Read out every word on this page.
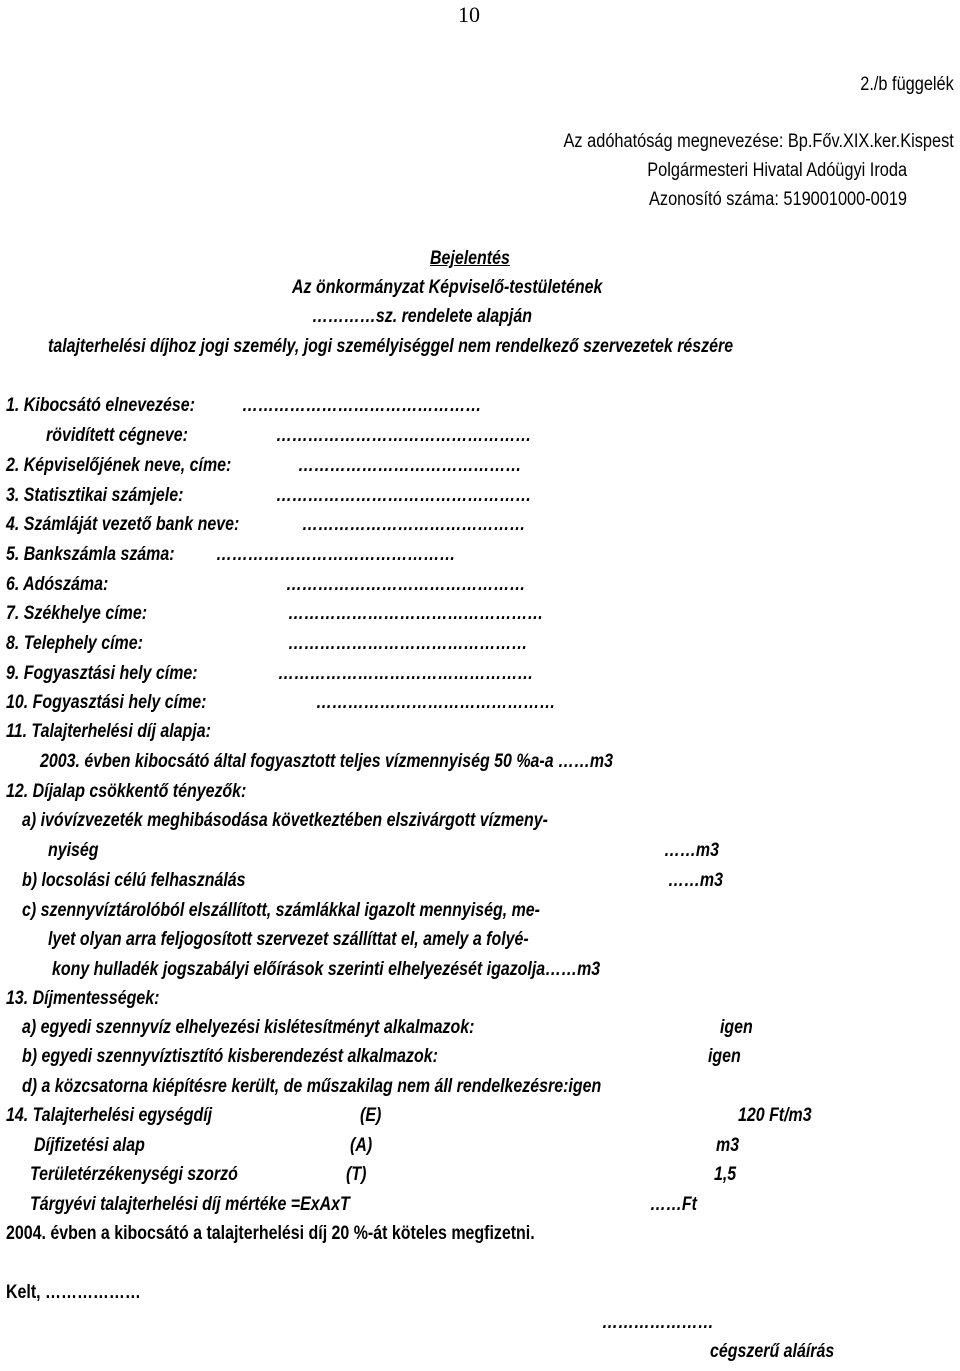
10
2./b függelék
Az adóhatóság megnevezése: Bp.Főv.XIX.ker.Kispest
Polgármesteri Hivatal Adóügyi Iroda
Azonosító száma: 519001000-0019
Bejelentés
Az önkormányzat Képviselő-testületének
…………sz. rendelete alapján
talajterhelési díjhoz jogi személy, jogi személyiséggel nem rendelkező szervezetek részére
1. Kibocsátó elnevezése: ………………………………………
rövidített cégneve:	…………………………………………
2. Képviselőjének neve, címe:	……………………………………
3. Statisztikai számjele:	…………………………………………
4. Számláját vezető bank neve:	……………………………………
5. Bankszámla száma: ………………………………………
6. Adószáma:	………………………………………
7. Székhelye címe:	…………………………………………
8. Telephely címe:	………………………………………
9. Fogyasztási hely címe:	…………………………………………
10. Fogyasztási hely címe:	………………………………………
11. Talajterhelési díj alapja:
2003. évben kibocsátó által fogyasztott teljes vízmennyiség 50 %a-a ……m3
12. Díjalap csökkentő tényezők:
a) ivóvízvezeték meghibásodása következtében elszivárgott vízmeny-
nyiség	……m3
b) locsolási célú felhasználás	……m3
c) szennyvíztárolóból elszállított, számlákkal igazolt mennyiség, me-
lyet olyan arra feljogosított szervezet szállíttat el, amely a folyé-
kony hulladék jogszabályi előírások szerinti elhelyezését igazolja……m3
13. Díjmentességek:
a) egyedi szennyvíz elhelyezési kislétesítményt alkalmazok:	igen
b) egyedi szennyvíztisztító kisberendezést alkalmazok:	igen
d) a közcsatorna kiépítésre került, de műszakilag nem áll rendelkezésre:igen
14. Talajterhelési egységdíj	(E)	120 Ft/m3
Díjfizetési alap	(A)	m3
Területérzékenységi szorzó	(T)	1,5
Tárgyévi talajterhelési díj mértéke =ExAxT	……Ft
2004. évben a kibocsátó a talajterhelési díj 20 %-át köteles megfizetni.
Kelt, ………………
…………………
cégszerű aláírás
